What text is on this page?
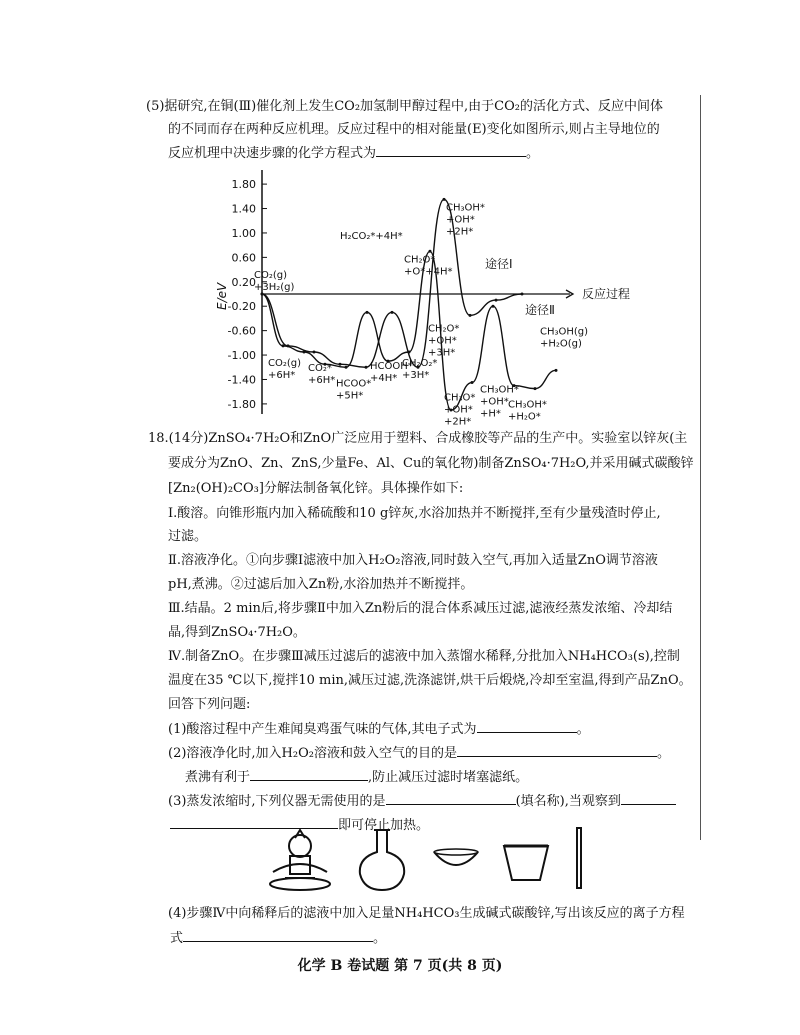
(5)据研究,在铜(Ⅲ)催化剂上发生CO₂加氢制甲醇过程中,由于CO₂的活化方式、反应中间体
的不同而存在两种反应机理。反应过程中的相对能量(E)变化如图所示,则占主导地位的
反应机理中决速步骤的化学方程式为	。
反应过程
E/eV
1.80
1.40
1.00
0.60
0.20
-0.20
-0.60
-1.00
-1.40
-1.80
途径Ⅰ
途径Ⅱ
CO₂(g)
+3H₂(g)
CO₂(g)
+6H*
CO₂*
+6H* HCOO*
+5H*
HCOOH*
+4H*
H₂CO₂*+4H*
CH₂O*
+O*+4H*
CH₂O₂*
+3H*
CH₂O*
+OH*
+3H*
CH₃OH*
+OH*
+2H*
CH₃O*
+OH*
+2H*
CH₃OH*
+OH*
+H*
CH₃OH*
+H₂O*
CH₃OH(g)
+H₂O(g)
18.(14分)ZnSO₄·7H₂O和ZnO广泛应用于塑料、合成橡胶等产品的生产中。实验室以锌灰(主
要成分为ZnO、Zn、ZnS,少量Fe、Al、Cu的氧化物)制备ZnSO₄·7H₂O,并采用碱式碳酸锌
[Zn₂(OH)₂CO₃]分解法制备氧化锌。具体操作如下:
Ⅰ.酸溶。向锥形瓶内加入稀硫酸和10 g锌灰,水浴加热并不断搅拌,至有少量残渣时停止,
过滤。
Ⅱ.溶液净化。①向步骤Ⅰ滤液中加入H₂O₂溶液,同时鼓入空气,再加入适量ZnO调节溶液
pH,煮沸。②过滤后加入Zn粉,水浴加热并不断搅拌。
Ⅲ.结晶。2 min后,将步骤Ⅱ中加入Zn粉后的混合体系减压过滤,滤液经蒸发浓缩、冷却结
晶,得到ZnSO₄·7H₂O。
Ⅳ.制备ZnO。在步骤Ⅲ减压过滤后的滤液中加入蒸馏水稀释,分批加入NH₄HCO₃(s),控制
温度在35 ℃以下,搅拌10 min,减压过滤,洗涤滤饼,烘干后煅烧,冷却至室温,得到产品ZnO。
回答下列问题:
(1)酸溶过程中产生难闻臭鸡蛋气味的气体,其电子式为	。
(2)溶液净化时,加入H₂O₂溶液和鼓入空气的目的是	。
煮沸有利于	,防止减压过滤时堵塞滤纸。
(3)蒸发浓缩时,下列仪器无需使用的是	(填名称),当观察到
即可停止加热。
(4)步骤Ⅳ中向稀释后的滤液中加入足量NH₄HCO₃生成碱式碳酸锌,写出该反应的离子方程
式	。
化学 B 卷试题 第 7 页(共 8 页)
